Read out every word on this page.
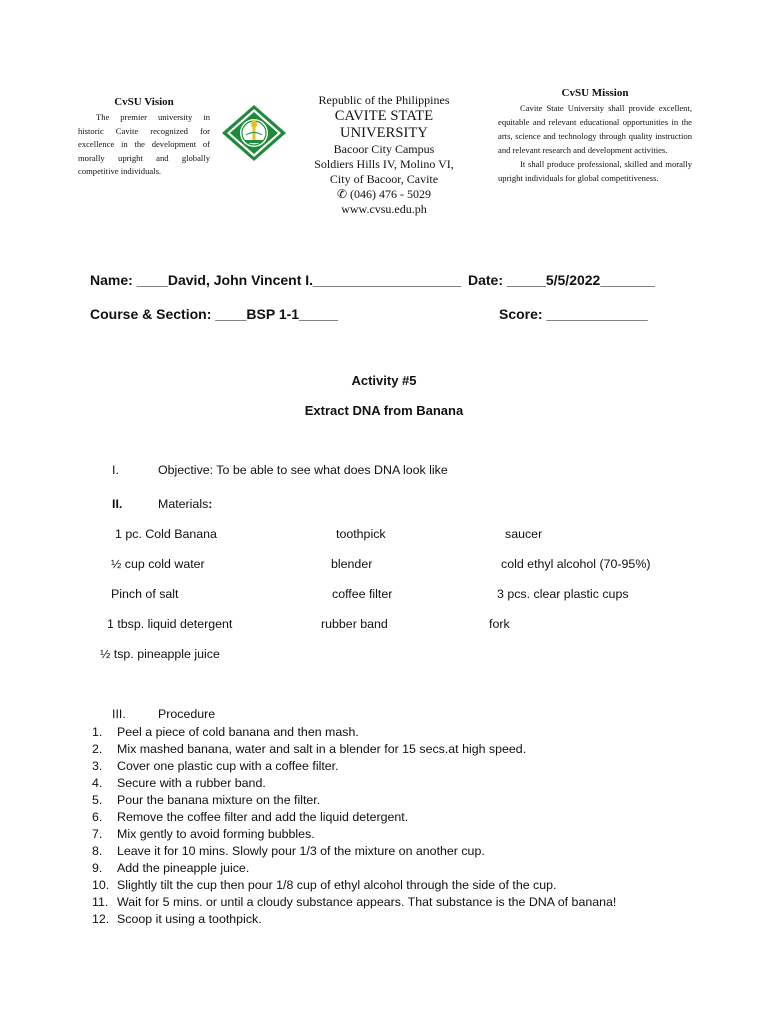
CvSU Vision
The premier university in historic Cavite recognized for excellence in the development of morally upright and globally competitive individuals.
Republic of the Philippines
CAVITE STATE UNIVERSITY
Bacoor City Campus
Soldiers Hills IV, Molino VI,
City of Bacoor, Cavite
✆ (046) 476 - 5029
www.cvsu.edu.ph
CvSU Mission

Cavite State University shall provide excellent, equitable and relevant educational opportunities in the arts, science and technology through quality instruction and relevant research and development activities.

It shall produce professional, skilled and morally upright individuals for global competitiveness.

Name: ____David, John Vincent I.___________________ Date: _____5/5/2022_______
Course & Section: ____BSP 1-1_____	Score: _____________
Activity #5
Extract DNA from Banana
I.	Objective: To be able to see what does DNA look like
II.	Materials:
1 pc. Cold Banana	toothpick	saucer
½ cup cold water	blender	cold ethyl alcohol (70-95%)
Pinch of salt	coffee filter	3 pcs. clear plastic cups
1 tbsp. liquid detergent	rubber band	fork
½ tsp. pineapple juice
III.	Procedure
1. Peel a piece of cold banana and then mash.
2. Mix mashed banana, water and salt in a blender for 15 secs.at high speed.
3. Cover one plastic cup with a coffee filter.
4. Secure with a rubber band.
5. Pour the banana mixture on the filter.
6. Remove the coffee filter and add the liquid detergent.
7. Mix gently to avoid forming bubbles.
8. Leave it for 10 mins. Slowly pour 1/3 of the mixture on another cup.
9. Add the pineapple juice.
10. Slightly tilt the cup then pour 1/8 cup of ethyl alcohol through the side of the cup.
11. Wait for 5 mins. or until a cloudy substance appears. That substance is the DNA of banana!
12. Scoop it using a toothpick.
